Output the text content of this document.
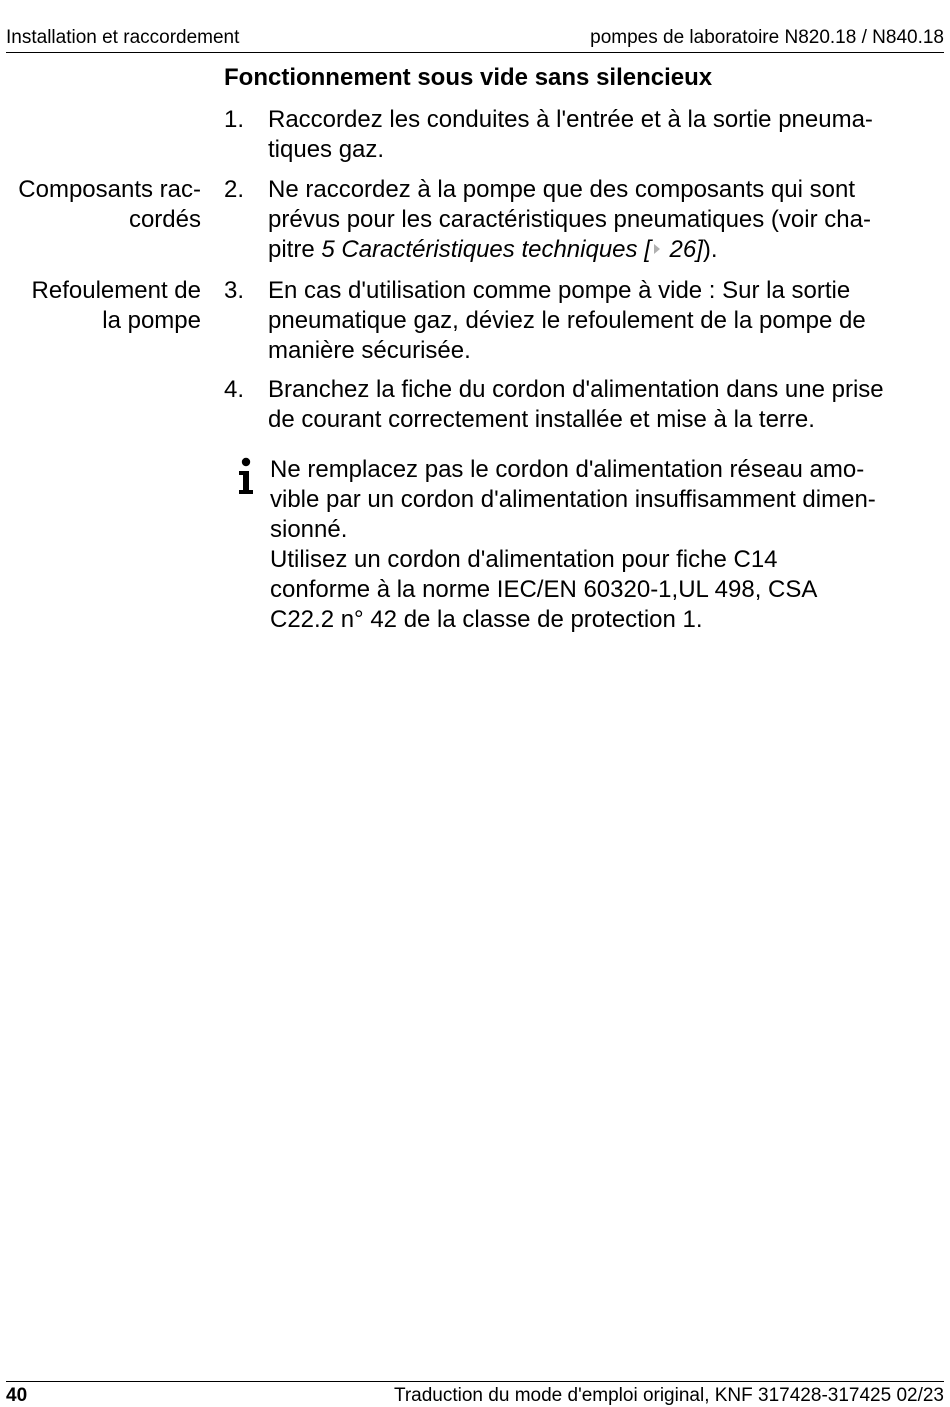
Installation et raccordement	pompes de laboratoire N820.18 / N840.18
Fonctionnement sous vide sans silencieux
Composants rac-
cordés
Refoulement de
la pompe
1. Raccordez les conduites à l'entrée et à la sortie pneuma-
tiques gaz.
2. Ne raccordez à la pompe que des composants qui sont
prévus pour les caractéristiques pneumatiques (voir cha-
pitre 5 Caractéristiques techniques [ 26]).
3. En cas d'utilisation comme pompe à vide : Sur la sortie
pneumatique gaz, déviez le refoulement de la pompe de
manière sécurisée.
4. Branchez la fiche du cordon d'alimentation dans une prise
de courant correctement installée et mise à la terre.
Ne remplacez pas le cordon d'alimentation réseau amo-
vible par un cordon d'alimentation insuffisamment dimen-
sionné.
Utilisez un cordon d'alimentation pour fiche C14
conforme à la norme IEC/EN 60320-1,UL 498, CSA
C22.2 n° 42 de la classe de protection 1.
40	Traduction du mode d'emploi original, KNF 317428-317425 02/23
